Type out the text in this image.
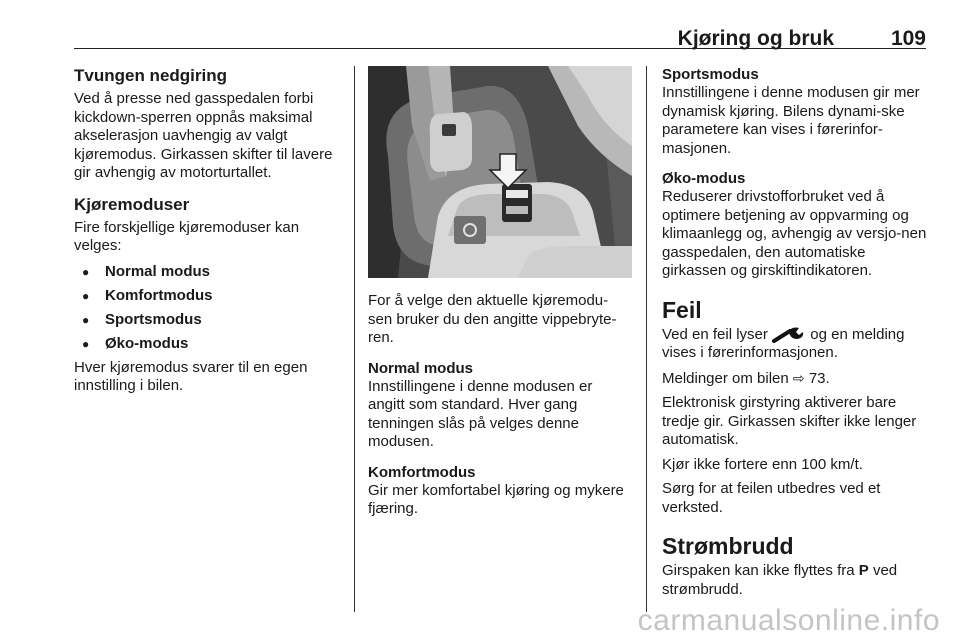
Kjøring og bruk	109
Tvungen nedgiring

Ved å presse ned gasspedalen forbi kickdown-sperren oppnås maksimal akselerasjon uavhengig av valgt kjøremodus. Girkassen skifter til lavere gir avhengig av motorturtallet.

Kjøremoduser

Fire forskjellige kjøremoduser kan velges:

● Normal modus
● Komfortmodus
● Sportsmodus
● Øko-modus

Hver kjøremodus svarer til en egen innstilling i bilen.

For å velge den aktuelle kjøremodu-sen bruker du den angitte vippebryte-ren.

Normal modus

Innstillingene i denne modusen er angitt som standard. Hver gang tenningen slås på velges denne modusen.

Komfortmodus

Gir mer komfortabel kjøring og mykere fjæring.

Sportsmodus

Innstillingene i denne modusen gir mer dynamisk kjøring. Bilens dynami-ske parametere kan vises i førerinfor-masjonen.

Øko-modus

Reduserer drivstofforbruket ved å optimere betjening av oppvarming og klimaanlegg og, avhengig av versjo-nen gasspedalen, den automatiske girkassen og girskiftindikatoren.

Feil

Ved en feil lyser	og en melding vises i førerinformasjonen.

Meldinger om bilen ⇨ 73.

Elektronisk girstyring aktiverer bare tredje gir. Girkassen skifter ikke lenger automatisk.

Kjør ikke fortere enn 100 km/t.

Sørg for at feilen utbedres ved et verksted.

Strømbrudd

Girspaken kan ikke flyttes fra P ved strømbrudd.

carmanualsonline.info
